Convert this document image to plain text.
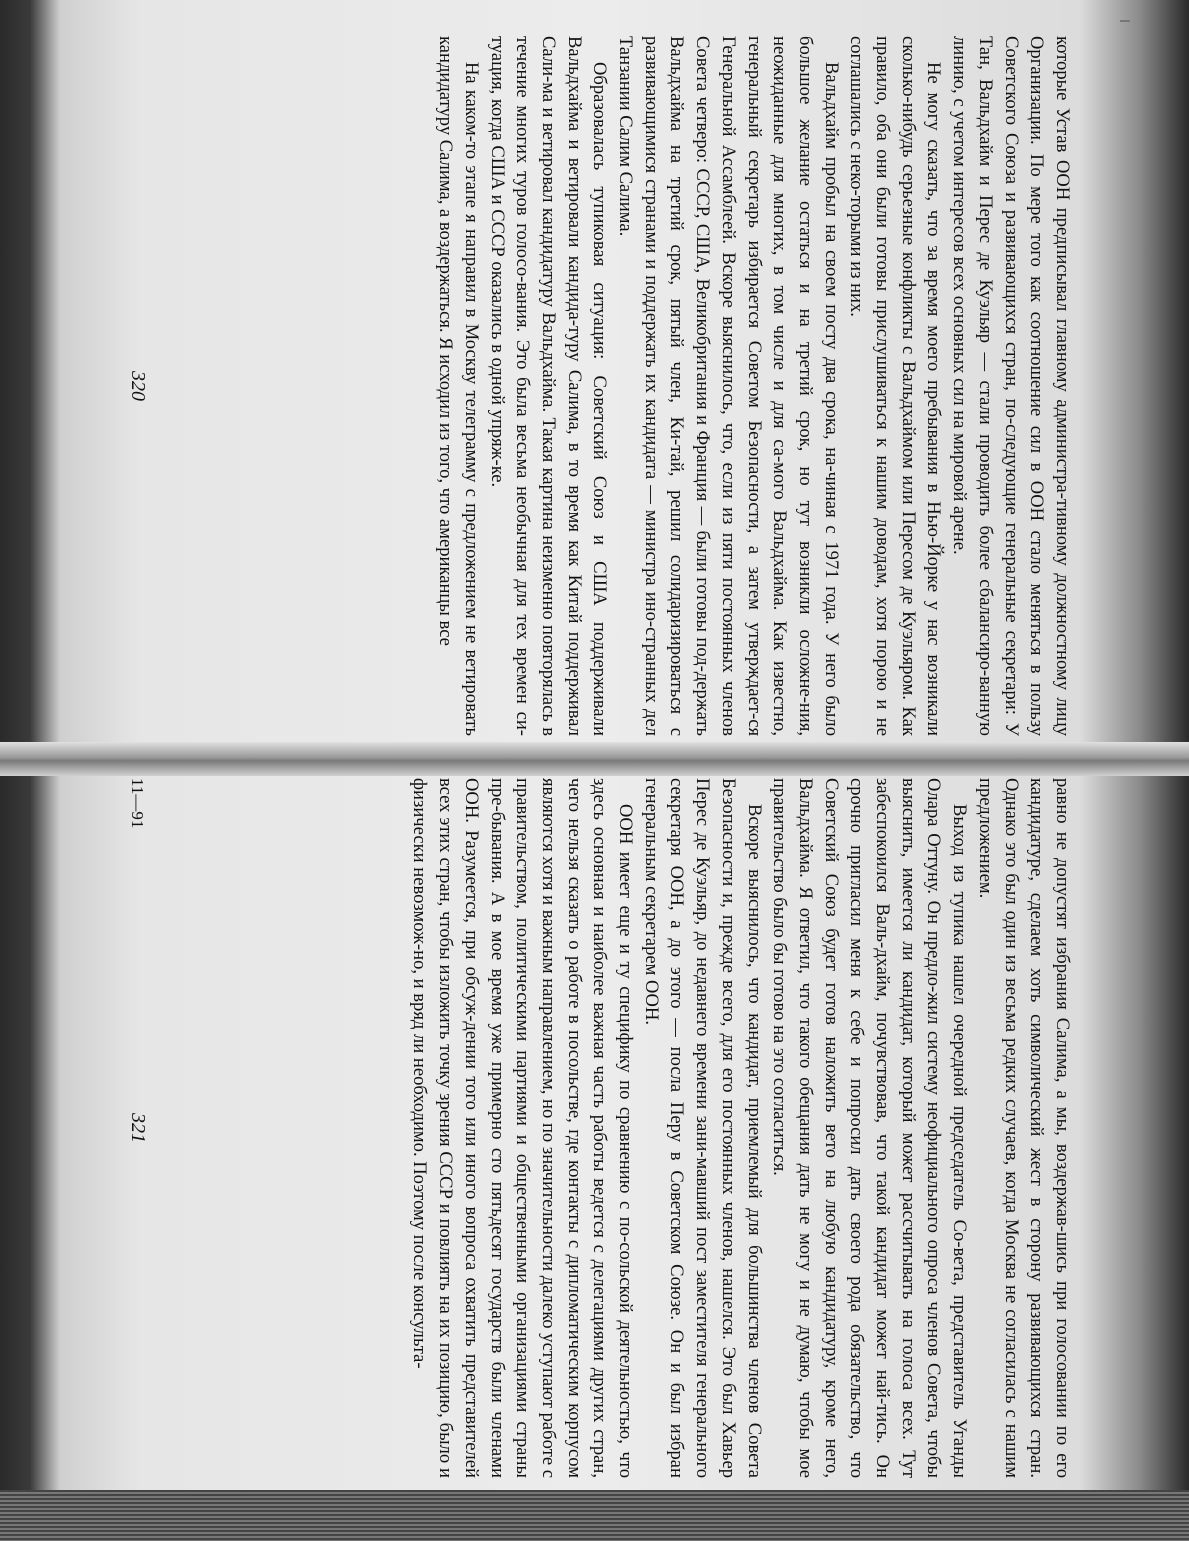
которые Устав ООН предписывал главному администра-тивному должностному лицу Организации. По мере того как соотношение сил в ООН стало меняться в пользу Советского Союза и развивающихся стран, по-следующие генеральные секретари: У Тан, Вальдхайм и Перес де Куэльяр — стали проводить более сбалансиро-ванную линию, с учетом интересов всех основных сил на мировой арене.

Не могу сказать, что за время моего пребывания в Нью-Йорке у нас возникали сколько-нибудь серьезные конфликты с Вальдхаймом или Пересом де Куэльяром. Как правило, оба они были готовы прислушиваться к нашим доводам, хотя порою и не соглашались с неко-торыми из них.

Вальдхайм пробыл на своем посту два срока, на-чиная с 1971 года. У него было большое желание остаться и на третий срок, но тут возникли осложне-ния, неожиданные для многих, в том числе и для са-мого Вальдхайма. Как известно, генеральный секретарь избирается Советом Безопасности, а затем утверждает-ся Генеральной Ассамблеей. Вскоре выяснилось, что, если из пяти постоянных членов Совета четверо: СССР, США, Великобритания и Франция — были готовы под-держать Вальдхайма на третий срок, пятый член, Ки-тай, решил солидаризироваться с развивающимися странами и поддержать их кандидата — министра ино-странных дел Танзании Салим Салима.

Образовалась тупиковая ситуация: Советский Союз и США поддерживали Вальдхайма и ветировали кандида-туру Салима, в то время как Китай поддерживал Сали-ма и ветировал кандидатуру Вальдхайма. Такая картина неизменно повторялась в течение многих туров голосо-вания. Это была весьма необычная для тех времен си-туация, когда США и СССР оказались в одной упряж-ке.

На каком-то этапе я направил в Москву телеграмму с предложением не ветировать кандидатуру Салима, а воздержаться. Я исходил из того, что американцы все

320

равно не допустят избрания Салима, а мы, воздержав-шись при голосовании по его кандидатуре, сделаем хоть символический жест в сторону развивающихся стран. Однако это был один из весьма редких случаев, когда Москва не согласилась с нашим предложением.

Выход из тупика нашел очередной председатель Со-вета, представитель Уганды Олара Оттуну. Он предло-жил систему неофициального опроса членов Совета, чтобы выяснить, имеется ли кандидат, который может рассчитывать на голоса всех. Тут забеспокоился Валь-дхайм, почувствовав, что такой кандидат может най-тись. Он срочно пригласил меня к себе и попросил дать своего рода обязательство, что Советский Союз будет готов наложить вето на любую кандидатуру, кроме него, Вальдхайма. Я ответил, что такого обещания дать не могу и не думаю, чтобы мое правительство было бы готово на это согласиться.

Вскоре выяснилось, что кандидат, приемлемый для большинства членов Совета Безопасности и, прежде всего, для его постоянных членов, нашелся. Это был Хавьер Перес де Куэльяр, до недавнего времени зани-мавший пост заместителя генерального секретаря ООН, а до этого — посла Перу в Советском Союзе. Он и был избран генеральным секретарем ООН.

ООН имеет еще и ту специфику по сравнению с по-сольской деятельностью, что здесь основная и наиболее важная часть работы ведется с делегациями других стран, чего нельзя сказать о работе в посольстве, где контакты с дипломатическим корпусом являются хотя и важным направлением, но по значительности далеко уступают работе с правительством, политическими партиями и общественными организациями страны пре-бывания. А в мое время уже примерно сто пятьдесят государств были членами ООН. Разумеется, при обсуж-дении того или иного вопроса охватить представителей всех этих стран, чтобы изложить точку зрения СССР и повлиять на их позицию, было и физически невозмож-но, и вряд ли необходимо. Поэтому после консульта-

11—91
321
